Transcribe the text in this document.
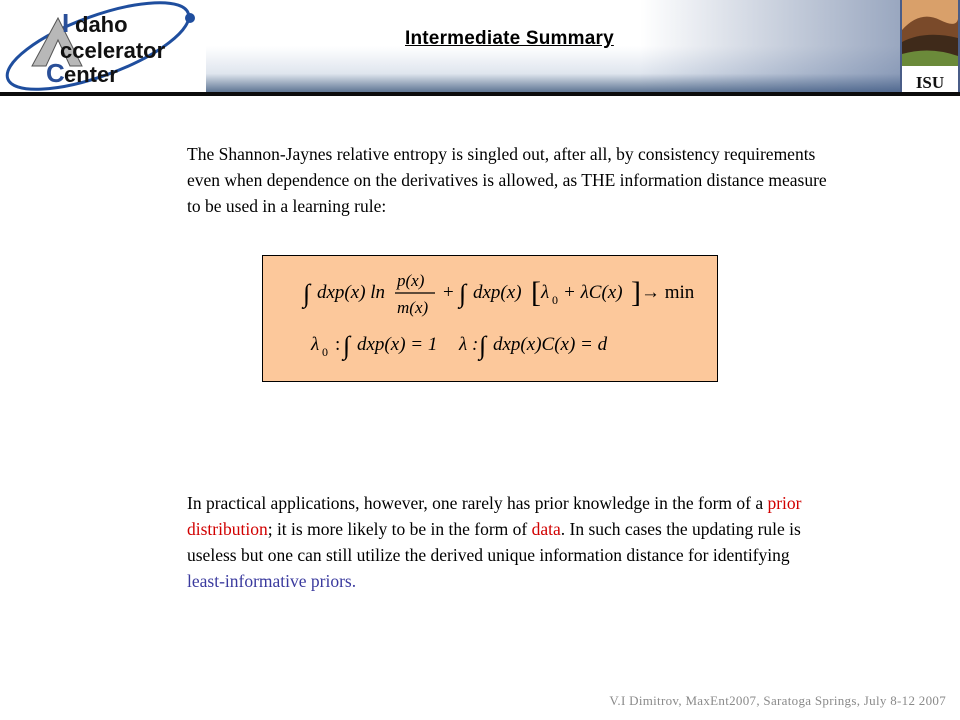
I daho
ccelerator
C enter
Intermediate Summary
ISU

The Shannon-Jaynes relative entropy is singled out, after all, by consistency requirements even when dependence on the derivatives is allowed, as THE information distance measure to be used in a learning rule:

∫ dxp(x) ln
p(x)
m(x)
+ ∫ dxp(x) [ λ 0 + λC(x) ] → min
λ 0 : ∫ dxp(x) = 1 λ : ∫ dxp(x)C(x) = d

In practical applications, however, one rarely has prior knowledge in the form of a prior distribution; it is more likely to be in the form of data. In such cases the updating rule is useless but one can still utilize the derived unique information distance for identifying least-informative priors.

V.I Dimitrov, MaxEnt2007, Saratoga Springs, July 8-12 2007
